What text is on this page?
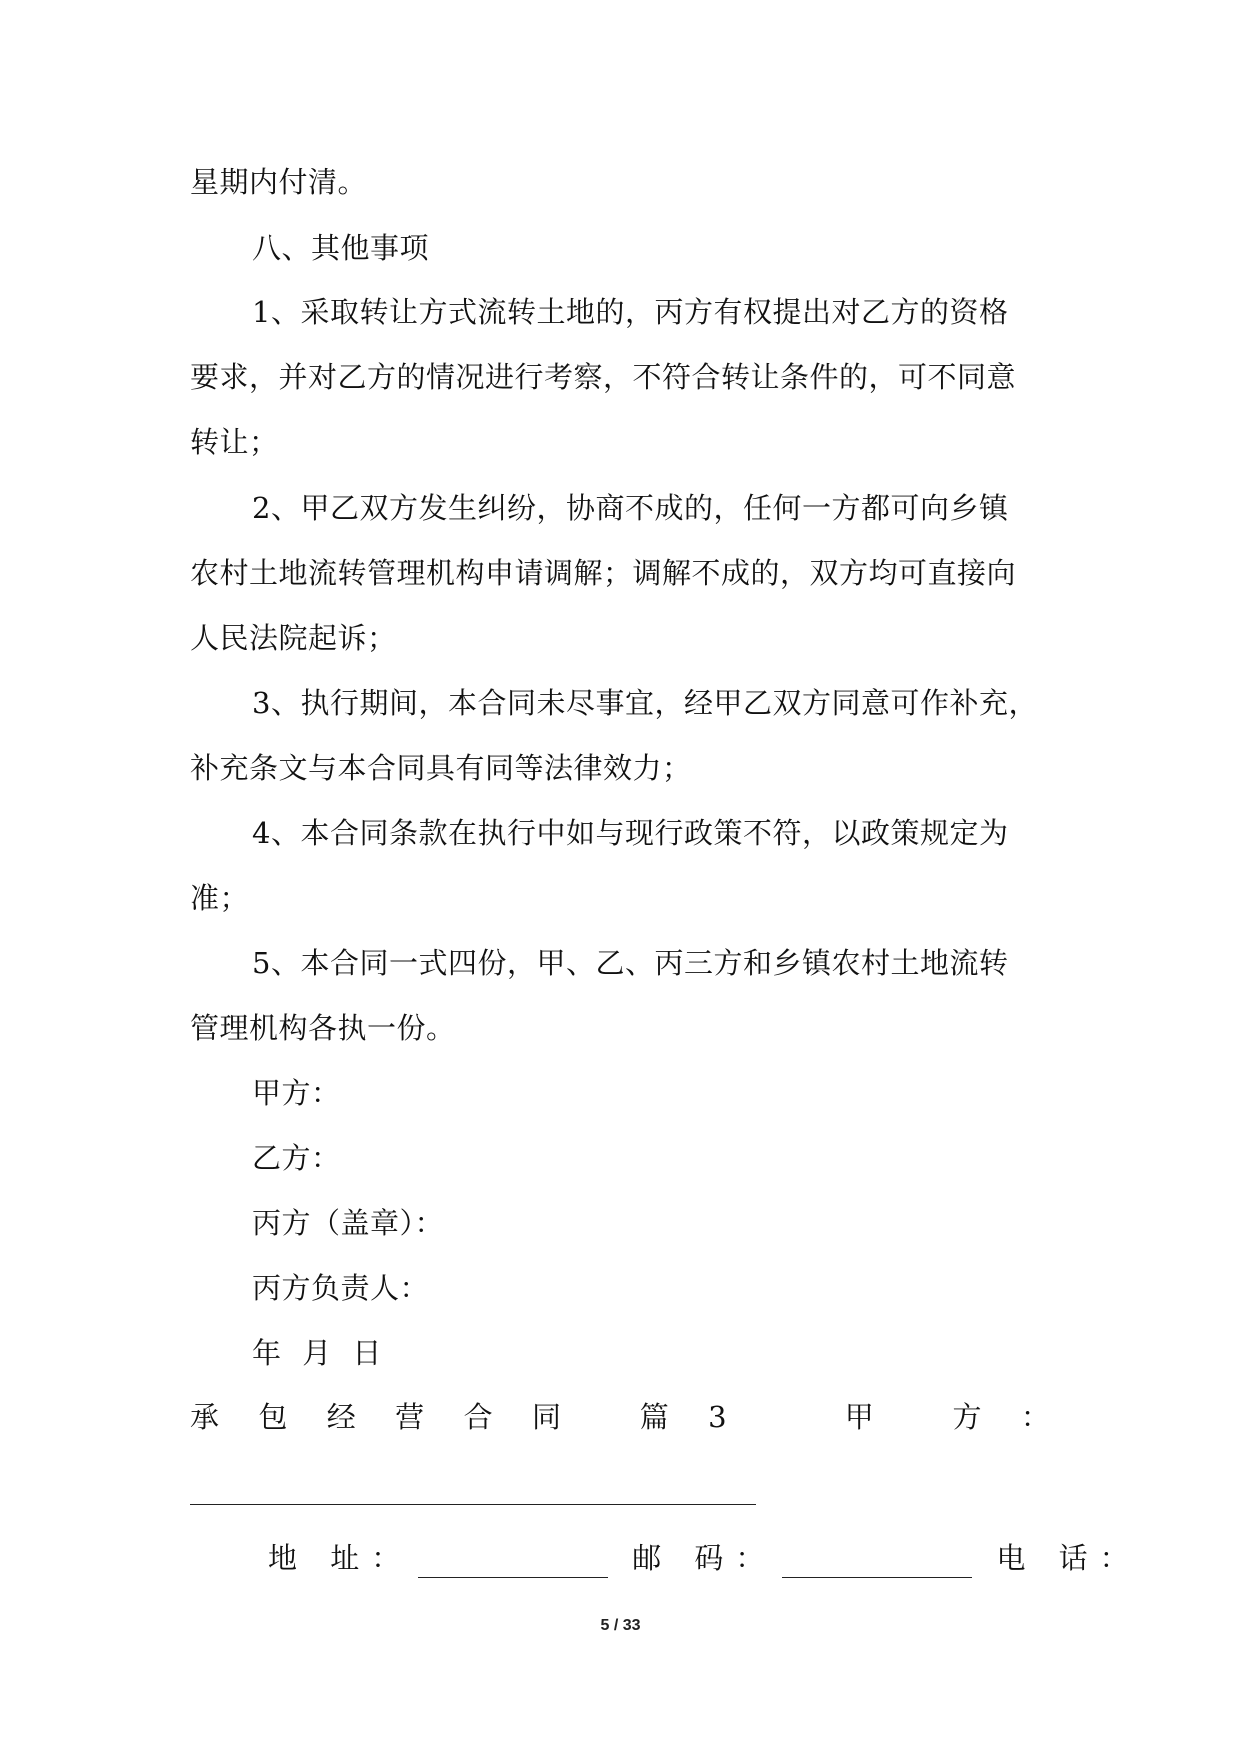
星期内付清。
八、其他事项
1、采取转让方式流转土地的，丙方有权提出对乙方的资格
要求，并对乙方的情况进行考察，不符合转让条件的，可不同意
转让；
2、甲乙双方发生纠纷，协商不成的，任何一方都可向乡镇
农村土地流转管理机构申请调解；调解不成的，双方均可直接向
人民法院起诉；
3、执行期间，本合同未尽事宜，经甲乙双方同意可作补充，
补充条文与本合同具有同等法律效力；
4、本合同条款在执行中如与现行政策不符，以政策规定为
准；
5、本合同一式四份，甲、乙、丙三方和乡镇农村土地流转
管理机构各执一份。
甲方：
乙方：
丙方（盖章）：
丙方负责人：
年 月 日
承 包 经 营 合 同	篇 3	甲	方 ：
地 址：	邮 码：	电 话：
5 / 33
